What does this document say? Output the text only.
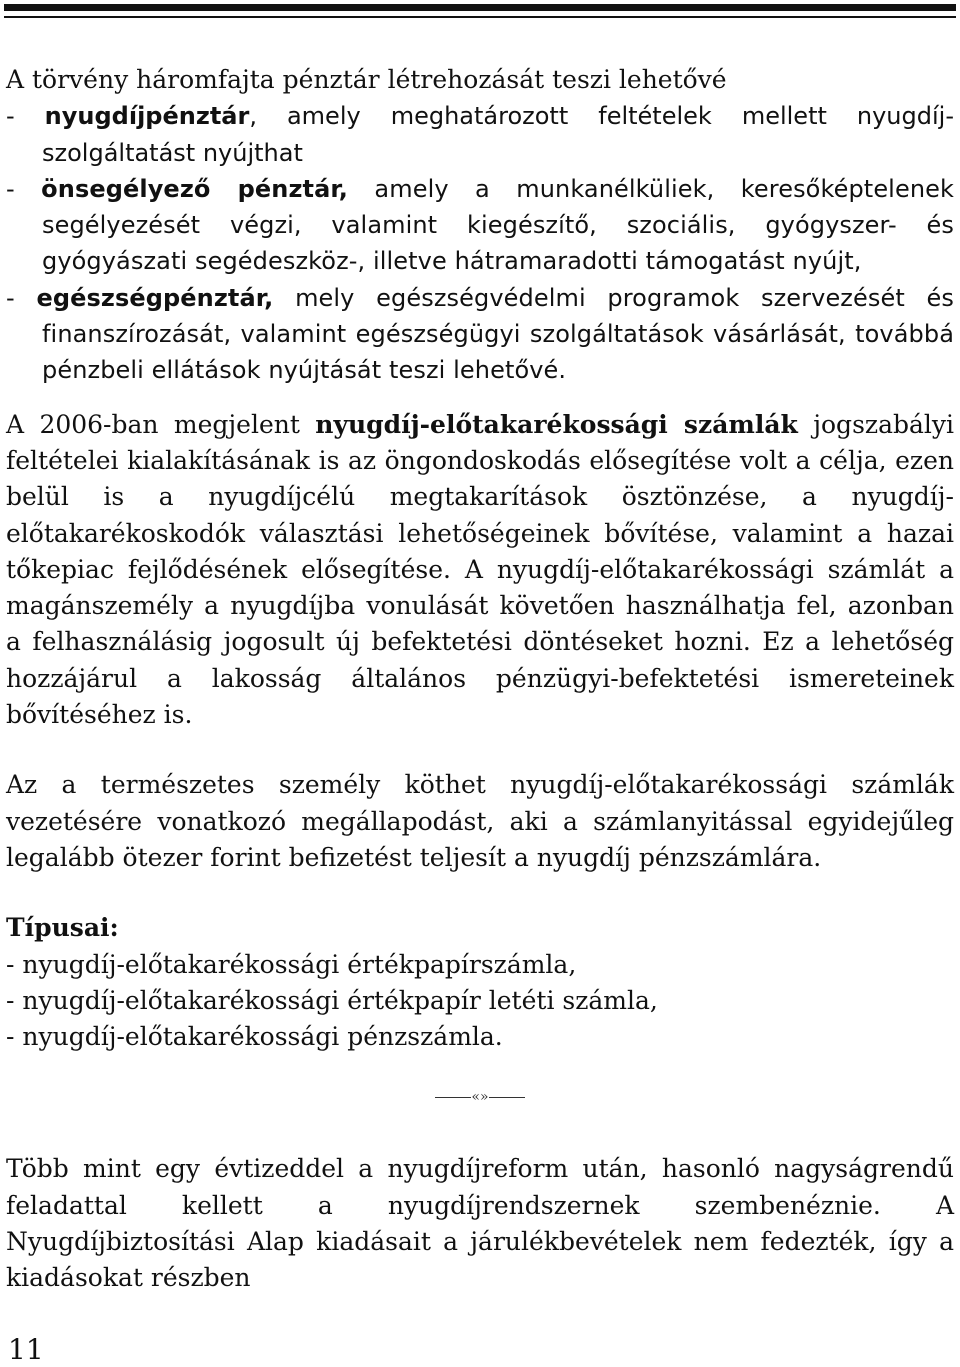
A törvény háromfajta pénztár létrehozását teszi lehetővé

- nyugdíjpénztár, amely meghatározott feltételek mellett nyugdíj-szolgáltatást nyújthat

- önsegélyező pénztár, amely a munkanélküliek, keresőképtelenek segélyezését végzi, valamint kiegészítő, szociális, gyógyszer- és gyógyászati segédeszköz-, illetve hátramaradotti támogatást nyújt,

- egészségpénztár, mely egészségvédelmi programok szervezését és finanszírozását, valamint egészségügyi szolgáltatások vásárlását, továbbá pénzbeli ellátások nyújtását teszi lehetővé.

A 2006-ban megjelent nyugdíj-előtakarékossági számlák jogszabályi feltételei kialakításának is az öngondoskodás elősegítése volt a célja, ezen belül is a nyugdíjcélú megtakarítások ösztönzése, a nyugdíj-előtakarékoskodók választási lehetőségeinek bővítése, valamint a hazai tőkepiac fejlődésének elősegítése. A nyugdíj-előtakarékossági számlát a magánszemély a nyugdíjba vonulását követően használhatja fel, azonban a felhasználásig jogosult új befektetési döntéseket hozni. Ez a lehetőség hozzájárul a lakosság általános pénzügyi-befektetési ismereteinek bővítéséhez is.

Az a természetes személy köthet nyugdíj-előtakarékossági számlák vezetésére vonatkozó megállapodást, aki a számlanyitással egyidejűleg legalább ötezer forint befizetést teljesít a nyugdíj pénzszámlára.

Típusai:

- nyugdíj-előtakarékossági értékpapírszámla,

- nyugdíj-előtakarékossági értékpapír letéti számla,

- nyugdíj-előtakarékossági pénzszámla.

«»

Több mint egy évtizeddel a nyugdíjreform után, hasonló nagyságrendű feladattal kellett a nyugdíjrendszernek szembenéznie. A Nyugdíjbiztosítási Alap kiadásait a járulékbevételek nem fedezték, így a kiadásokat részben

11
